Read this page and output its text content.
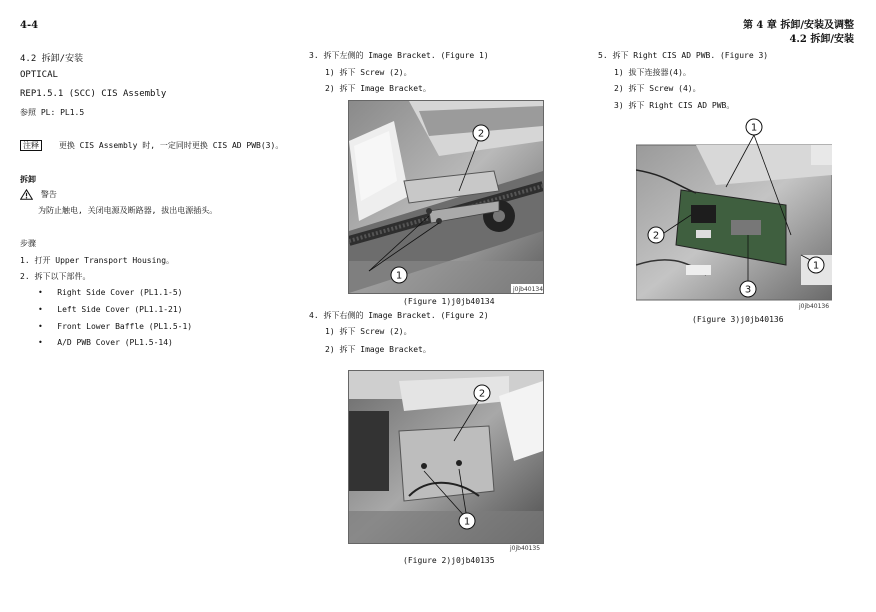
4-4	第 4 章 拆卸/安装及调整
4.2 拆卸/安装
4.2 拆卸/安装
OPTICAL
REP1.5.1 (SCC) CIS Assembly
参照 PL: PL1.5
注释 更换 CIS Assembly 时, 一定同时更换 CIS AD PWB(3)。
拆卸
警告
为防止触电, 关闭电源及断路器, 拔出电源插头。
步骤
1. 打开 Upper Transport Housing。
2. 拆下以下部件。
•   Right Side Cover (PL1.1-5)
•   Left Side Cover (PL1.1-21)
•   Front Lower Baffle (PL1.5-1)
•   A/D PWB Cover (PL1.5-14)
3. 拆下左侧的 Image Bracket. (Figure 1)
1) 拆下 Screw (2)。
2) 拆下 Image Bracket。
1
2
j0jb40134
(Figure 1)j0jb40134
4. 拆下右侧的 Image Bracket. (Figure 2)
1) 拆下 Screw (2)。
2) 拆下 Image Bracket。
1
2
j0jb40135
(Figure 2)j0jb40135
5. 拆下 Right CIS AD PWB. (Figure 3)
1) 拔下连接器(4)。
2) 拆下 Screw (4)。
3) 拆下 Right CIS AD PWB。
1
2
3
1
j0jb40136
(Figure 3)j0jb40136
